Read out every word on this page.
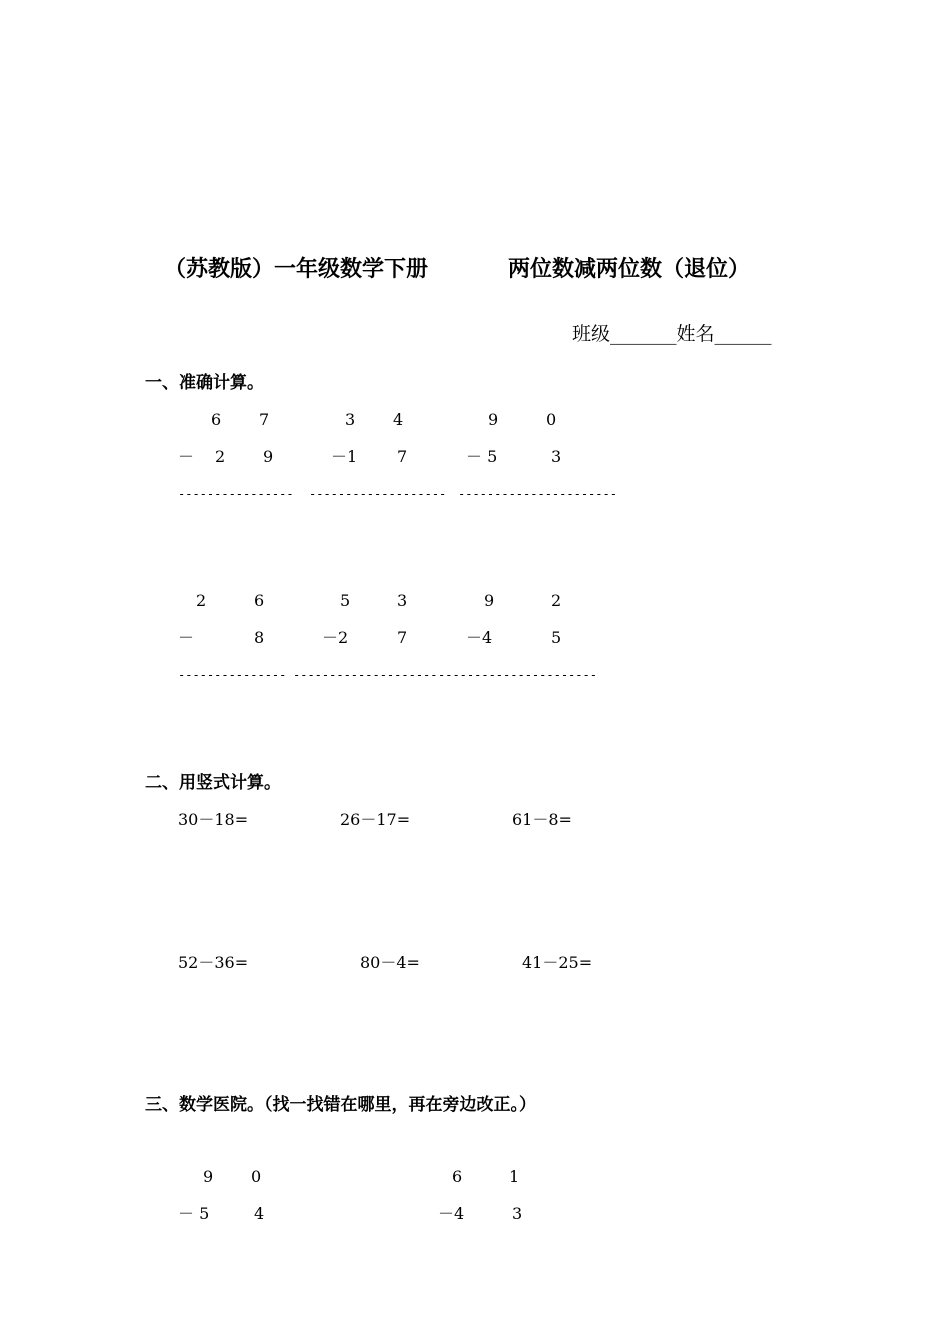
（苏教版）一年级数学下册	两位数减两位数（退位）
班级_______姓名______
一、准确计算。
6 7
－ 2 9
----------------
3 4
－1 7
-------------------
9	0
－ 5	3
----------------------
2	6
－	8
---------------
5	3
－2	7
--------------------
9	2
－4	5
----------------------
二、用竖式计算。
30－18=	26－17=	61－8=
52－36=	80－4=	41－25=
三、数学医院。（找一找错在哪里，再在旁边改正。）
9 0
－ 5	4
6	1
－4	3
